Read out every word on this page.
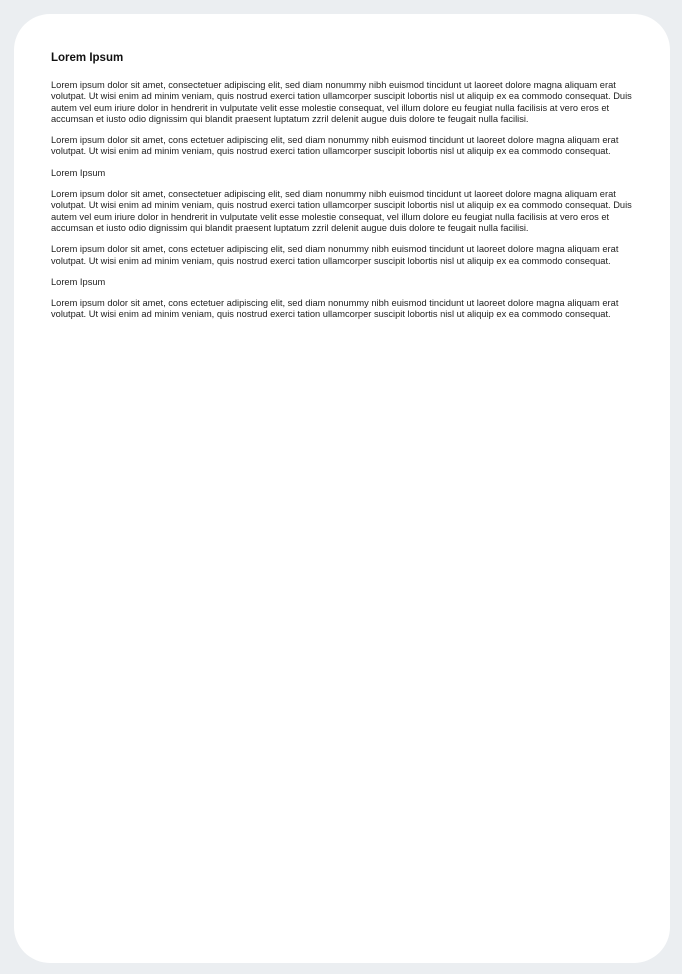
Lorem Ipsum

Lorem ipsum dolor sit amet, consectetuer adipiscing elit, sed diam nonummy nibh euismod tincidunt ut laoreet dolore magna aliquam erat volutpat. Ut wisi enim ad minim veniam, quis nostrud exerci tation ullamcorper suscipit lobortis nisl ut aliquip ex ea commodo consequat. Duis autem vel eum iriure dolor in hendrerit in vulputate velit esse molestie consequat, vel illum dolore eu feugiat nulla facilisis at vero eros et accumsan et iusto odio dignissim qui blandit praesent luptatum zzril delenit augue duis dolore te feugait nulla facilisi.

Lorem ipsum dolor sit amet, cons ectetuer adipiscing elit, sed diam nonummy nibh euismod tincidunt ut laoreet dolore magna aliquam erat volutpat. Ut wisi enim ad minim veniam, quis nostrud exerci tation ullamcorper suscipit lobortis nisl ut aliquip ex ea commodo consequat.

Lorem Ipsum

Lorem ipsum dolor sit amet, consectetuer adipiscing elit, sed diam nonummy nibh euismod tincidunt ut laoreet dolore magna aliquam erat volutpat. Ut wisi enim ad minim veniam, quis nostrud exerci tation ullamcorper suscipit lobortis nisl ut aliquip ex ea commodo consequat. Duis autem vel eum iriure dolor in hendrerit in vulputate velit esse molestie consequat, vel illum dolore eu feugiat nulla facilisis at vero eros et accumsan et iusto odio dignissim qui blandit praesent luptatum zzril delenit augue duis dolore te feugait nulla facilisi.

Lorem ipsum dolor sit amet, cons ectetuer adipiscing elit, sed diam nonummy nibh euismod tincidunt ut laoreet dolore magna aliquam erat volutpat. Ut wisi enim ad minim veniam, quis nostrud exerci tation ullamcorper suscipit lobortis nisl ut aliquip ex ea commodo consequat.

Lorem Ipsum

Lorem ipsum dolor sit amet, cons ectetuer adipiscing elit, sed diam nonummy nibh euismod tincidunt ut laoreet dolore magna aliquam erat volutpat. Ut wisi enim ad minim veniam, quis nostrud exerci tation ullamcorper suscipit lobortis nisl ut aliquip ex ea commodo consequat.
